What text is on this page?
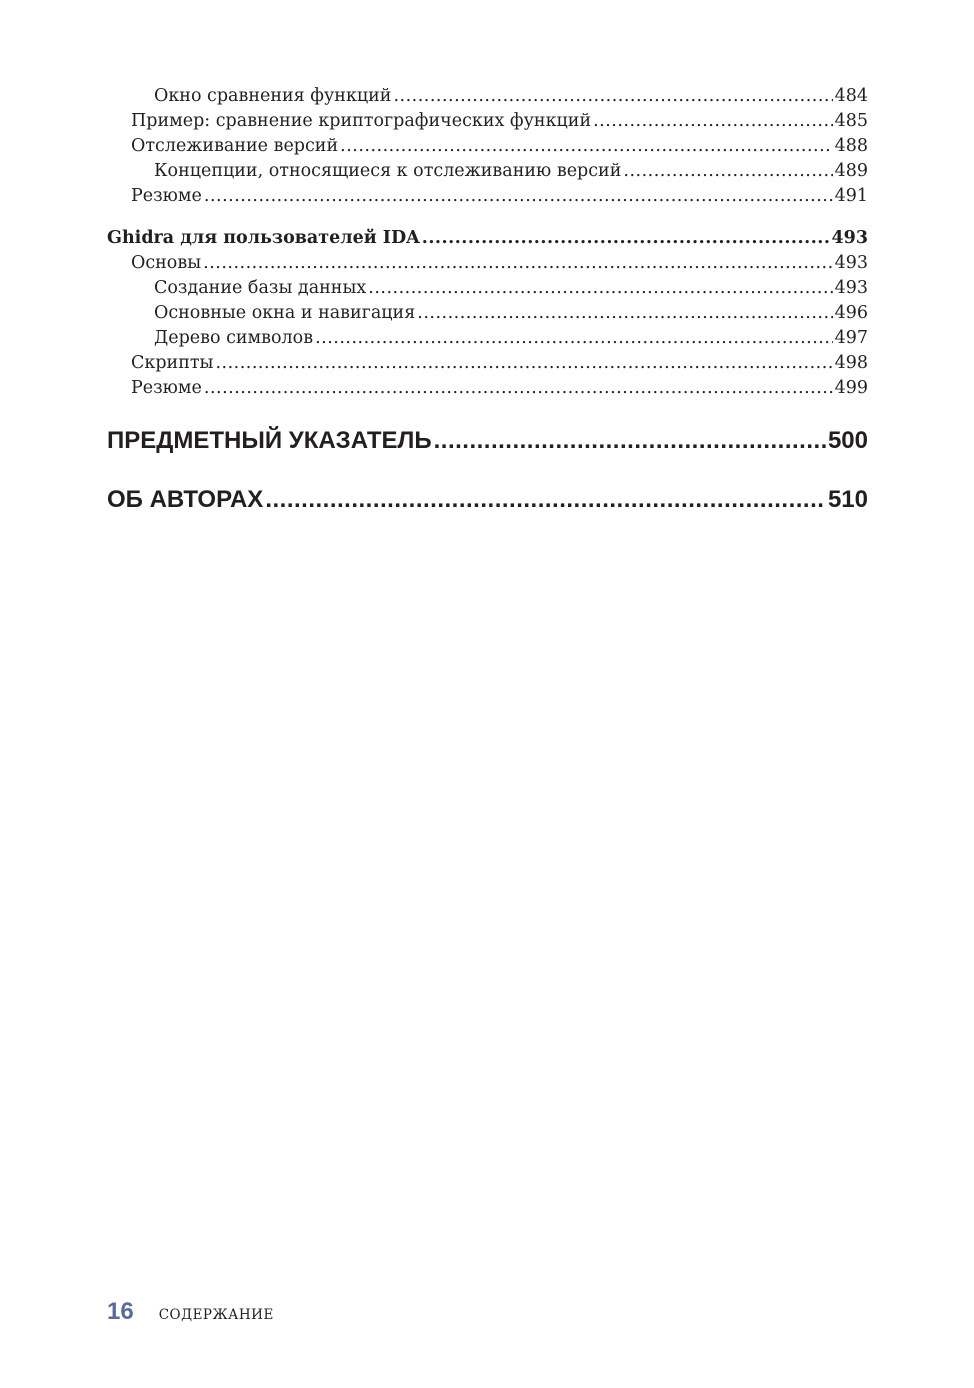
Окно сравнения функций .....	484
Пример: сравнение криптографических функций .....	485
Отслеживание версий .....	488
Концепции, относящиеся к отслеживанию версий .....	489
Резюме .....	491
Ghidra для пользователей IDA .....	493
Основы .....	493
Создание базы данных .....	493
Основные окна и навигация .....	496
Дерево символов .....	497
Скрипты .....	498
Резюме .....	499
ПРЕДМЕТНЫЙ УКАЗАТЕЛЬ .....	500
ОБ АВТОРАХ .....	510
16 СОДЕРЖАНИЕ
